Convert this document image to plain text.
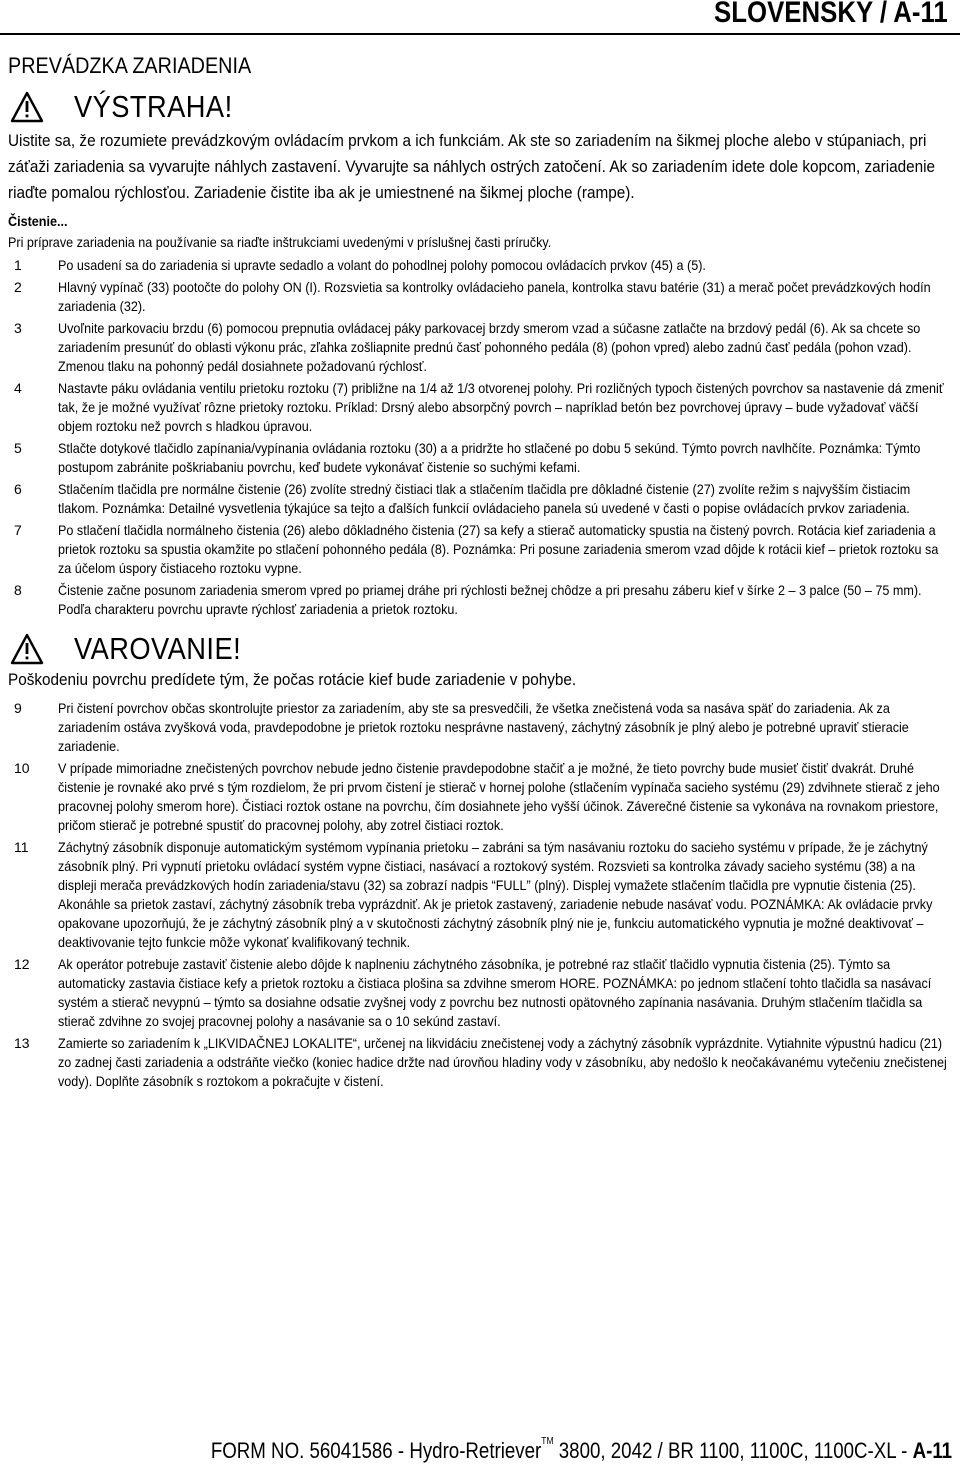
SLOVENSKY / A-11
PREVÁDZKA ZARIADENIA
VÝSTRAHA!
Uistite sa, že rozumiete prevádzkovým ovládacím prvkom a ich funkciám. Ak ste so zariadením na šikmej ploche alebo v stúpaniach, pri záťaži zariadenia sa vyvarujte náhlych zastavení. Vyvarujte sa náhlych ostrých zatočení. Ak so zariadením idete dole kopcom, zariadenie riaďte pomalou rýchlosťou. Zariadenie čistite iba ak je umiestnené na šikmej ploche (rampe).
Čistenie...
Pri príprave zariadenia na používanie sa riaďte inštrukciami uvedenými v príslušnej časti príručky.
1	Po usadení sa do zariadenia si upravte sedadlo a volant do pohodlnej polohy pomocou ovládacích prvkov (45) a (5).
2	Hlavný vypínač (33) pootočte do polohy ON (I). Rozsvietia sa kontrolky ovládacieho panela, kontrolka stavu batérie (31) a merač počet prevádzkových hodín zariadenia (32).
3	Uvoľnite parkovaciu brzdu (6) pomocou prepnutia ovládacej páky parkovacej brzdy smerom vzad a súčasne zatlačte na brzdový pedál (6). Ak sa chcete so zariadením presunúť do oblasti výkonu prác, zľahka zošliapnite prednú časť pohonného pedála (8) (pohon vpred) alebo zadnú časť pedála (pohon vzad). Zmenou tlaku na pohonný pedál dosiahnete požadovanú rýchlosť.
4	Nastavte páku ovládania ventilu prietoku roztoku (7) približne na 1/4 až 1/3 otvorenej polohy. Pri rozličných typoch čistených povrchov sa nastavenie dá zmeniť tak, že je možné využívať rôzne prietoky roztoku. Príklad: Drsný alebo absorpčný povrch – napríklad betón bez povrchovej úpravy – bude vyžadovať väčší objem roztoku než povrch s hladkou úpravou.
5	Stlačte dotykové tlačidlo zapínania/vypínania ovládania roztoku (30) a a pridržte ho stlačené po dobu 5 sekúnd. Týmto povrch navlhčíte. Poznámka: Týmto postupom zabránite poškriabaniu povrchu, keď budete vykonávať čistenie so suchými kefami.
6	Stlačením tlačidla pre normálne čistenie (26) zvolíte stredný čistiaci tlak a stlačením tlačidla pre dôkladné čistenie (27) zvolíte režim s najvyšším čistiacim tlakom. Poznámka: Detailné vysvetlenia týkajúce sa tejto a ďalších funkcií ovládacieho panela sú uvedené v časti o popise ovládacích prvkov zariadenia.
7	Po stlačení tlačidla normálneho čistenia (26) alebo dôkladného čistenia (27) sa kefy a stierač automaticky spustia na čistený povrch. Rotácia kief zariadenia a prietok roztoku sa spustia okamžite po stlačení pohonného pedála (8). Poznámka: Pri posune zariadenia smerom vzad dôjde k rotácii kief – prietok roztoku sa za účelom úspory čistiaceho roztoku vypne.
8	Čistenie začne posunom zariadenia smerom vpred po priamej dráhe pri rýchlosti bežnej chôdze a pri presahu záberu kief v šírke 2 – 3 palce (50 – 75 mm). Podľa charakteru povrchu upravte rýchlosť zariadenia a prietok roztoku.
VAROVANIE!
Poškodeniu povrchu predídete tým, že počas rotácie kief bude zariadenie v pohybe.
9	Pri čistení povrchov občas skontrolujte priestor za zariadením, aby ste sa presvedčili, že všetka znečistená voda sa nasáva späť do zariadenia. Ak za zariadením ostáva zvyšková voda, pravdepodobne je prietok roztoku nesprávne nastavený, záchytný zásobník je plný alebo je potrebné upraviť stieracie zariadenie.
10	V prípade mimoriadne znečistených povrchov nebude jedno čistenie pravdepodobne stačiť a je možné, že tieto povrchy bude musieť čistiť dvakrát. Druhé čistenie je rovnaké ako prvé s tým rozdielom, že pri prvom čistení je stierač v hornej polohe (stlačením vypínača sacieho systému (29) zdvihnete stierač z jeho pracovnej polohy smerom hore). Čistiaci roztok ostane na povrchu, čím dosiahnete jeho vyšší účinok. Záverečné čistenie sa vykonáva na rovnakom priestore, pričom stierač je potrebné spustiť do pracovnej polohy, aby zotrel čistiaci roztok.
11	Záchytný zásobník disponuje automatickým systémom vypínania prietoku – zabráni sa tým nasávaniu roztoku do sacieho systému v prípade, že je záchytný zásobník plný. Pri vypnutí prietoku ovládací systém vypne čistiaci, nasávací a roztokový systém. Rozsvieti sa kontrolka závady sacieho systému (38) a na displeji merača prevádzkových hodín zariadenia/stavu (32) sa zobrazí nadpis “FULL” (plný). Displej vymažete stlačením tlačidla pre vypnutie čistenia (25). Akonáhle sa prietok zastaví, záchytný zásobník treba vyprázdniť. Ak je prietok zastavený, zariadenie nebude nasávať vodu. POZNÁMKA: Ak ovládacie prvky opakovane upozorňujú, že je záchytný zásobník plný a v skutočnosti záchytný zásobník plný nie je, funkciu automatického vypnutia je možné deaktivovať – deaktivovanie tejto funkcie môže vykonať kvalifikovaný technik.
12	Ak operátor potrebuje zastaviť čistenie alebo dôjde k naplneniu záchytného zásobníka, je potrebné raz stlačiť tlačidlo vypnutia čistenia (25). Týmto sa automaticky zastavia čistiace kefy a prietok roztoku a čistiaca plošina sa zdvihne smerom HORE. POZNÁMKA: po jednom stlačení tohto tlačidla sa nasávací systém a stierač nevypnú – týmto sa dosiahne odsatie zvyšnej vody z povrchu bez nutnosti opätovného zapínania nasávania. Druhým stlačením tlačidla sa stierač zdvihne zo svojej pracovnej polohy a nasávanie sa o 10 sekúnd zastaví.
13	Zamierte so zariadením k „LIKVIDAČNEJ LOKALITE“, určenej na likvidáciu znečistenej vody a záchytný zásobník vyprázdnite. Vytiahnite výpustnú hadicu (21) zo zadnej časti zariadenia a odstráňte viečko (koniec hadice držte nad úrovňou hladiny vody v zásobníku, aby nedošlo k neočakávanému vytečeniu znečistenej vody). Doplňte zásobník s roztokom a pokračujte v čistení.
FORM NO. 56041586 - Hydro-Retriever™ 3800, 2042 / BR 1100, 1100C, 1100C-XL - A-11
